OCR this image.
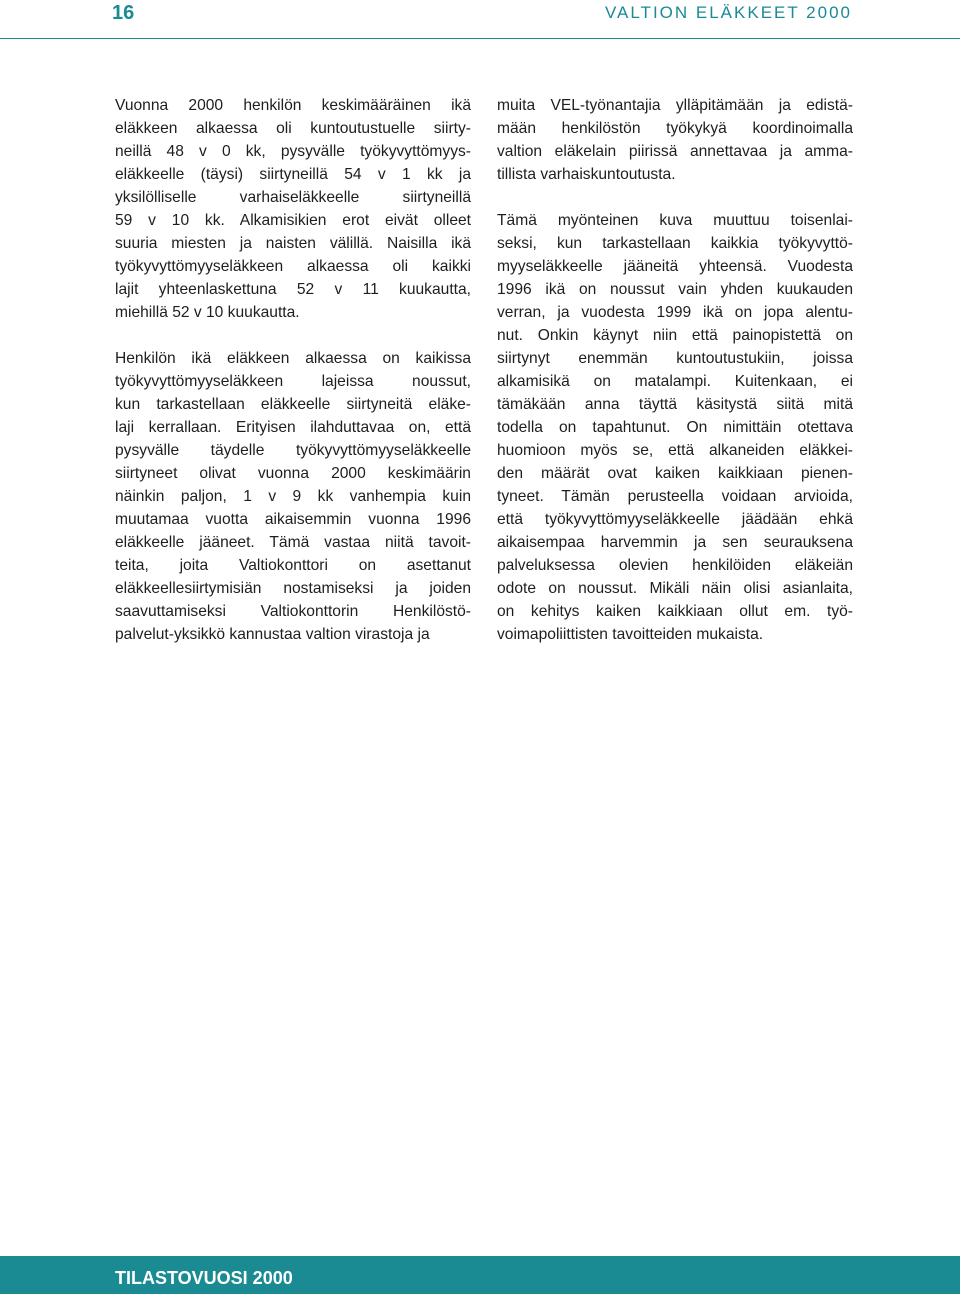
16	VALTION ELÄKKEET 2000
Vuonna 2000 henkilön keskimääräinen ikä
eläkkeen alkaessa oli kuntoutustuelle siirty-
neillä 48 v 0 kk, pysyvälle työkyvyttömyys-
eläkkeelle (täysi) siirtyneillä 54 v 1 kk ja
yksilölliselle varhaiseläkkeelle siirtyneillä
59 v 10 kk. Alkamisikien erot eivät olleet
suuria miesten ja naisten välillä. Naisilla ikä
työkyvyttömyyseläkkeen alkaessa oli kaikki
lajit yhteenlaskettuna 52 v 11 kuukautta,
miehillä 52 v 10 kuukautta.
Henkilön ikä eläkkeen alkaessa on kaikissa
työkyvyttömyyseläkkeen lajeissa noussut,
kun tarkastellaan eläkkeelle siirtyneitä eläke-
laji kerrallaan. Erityisen ilahduttavaa on, että
pysyvälle täydelle työkyvyttömyyseläkkeelle
siirtyneet olivat vuonna 2000 keskimäärin
näinkin paljon, 1 v 9 kk vanhempia kuin
muutamaa vuotta aikaisemmin vuonna 1996
eläkkeelle jääneet. Tämä vastaa niitä tavoit-
teita, joita Valtiokonttori on asettanut
eläkkeellesiirtymisiän nostamiseksi ja joiden
saavuttamiseksi Valtiokonttorin Henkilöstö-
palvelut-yksikkö kannustaa valtion virastoja ja
muita VEL-työnantajia ylläpitämään ja edistä-
mään henkilöstön työkykyä koordinoimalla
valtion eläkelain piirissä annettavaa ja amma-
tillista varhaiskuntoutusta.
Tämä myönteinen kuva muuttuu toisenlai-
seksi, kun tarkastellaan kaikkia työkyvyttö-
myyseläkkeelle jääneitä yhteensä. Vuodesta
1996 ikä on noussut vain yhden kuukauden
verran, ja vuodesta 1999 ikä on jopa alentu-
nut. Onkin käynyt niin että painopistettä on
siirtynyt enemmän kuntoutustukiin, joissa
alkamisikä on matalampi. Kuitenkaan, ei
tämäkään anna täyttä käsitystä siitä mitä
todella on tapahtunut. On nimittäin otettava
huomioon myös se, että alkaneiden eläkkei-
den määrät ovat kaiken kaikkiaan pienen-
tyneet. Tämän perusteella voidaan arvioida,
että työkyvyttömyyseläkkeelle jäädään ehkä
aikaisempaa harvemmin ja sen seurauksena
palveluksessa olevien henkilöiden eläkeiän
odote on noussut. Mikäli näin olisi asianlaita,
on kehitys kaiken kaikkiaan ollut em. työ-
voimapoliittisten tavoitteiden mukaista.
TILASTOVUOSI 2000
